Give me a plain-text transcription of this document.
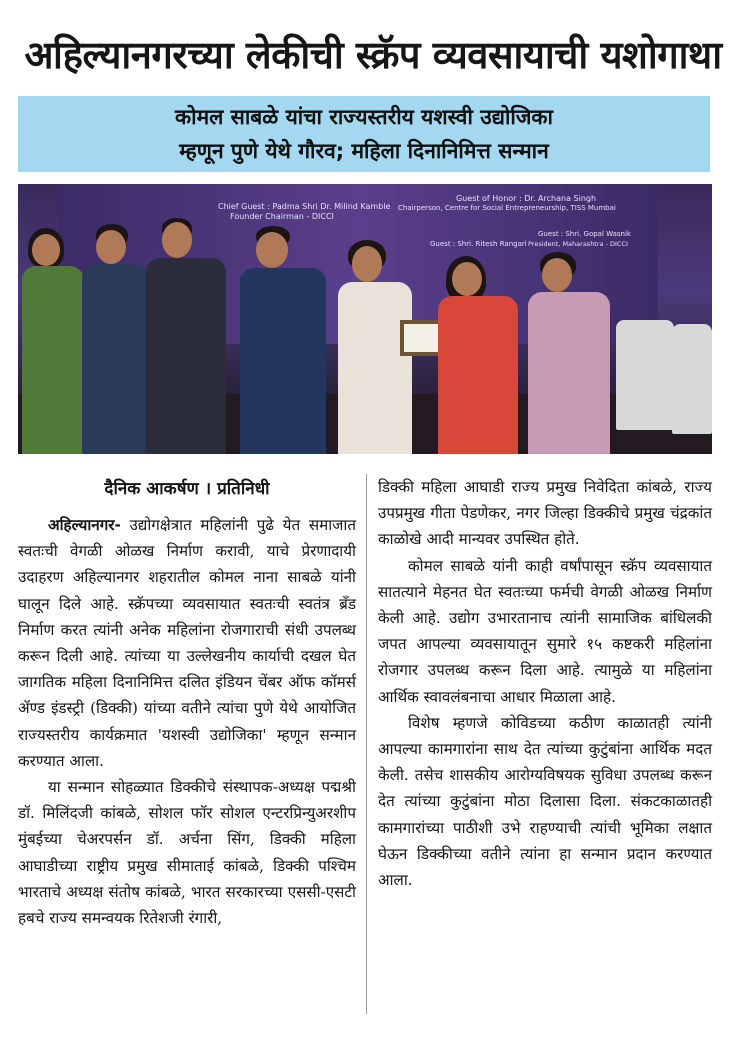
अहिल्यानगरच्या लेकीची स्क्रॅप व्यवसायाची यशोगाथा
कोमल साबळे यांचा राज्यस्तरीय यशस्वी उद्योजिका
म्हणून पुणे येथे गौरव; महिला दिनानिमित्त सन्मान
Chief Guest : Padma Shri Dr. Milind Kamble
Founder Chairman - DICCI
Guest of Honor : Dr. Archana Singh
Chairperson, Centre for Social Entrepreneurship, TISS Mumbai
Guest : Shri. Ritesh Rangari
Guest : Shri. Gopal Wasnik
President, Maharashtra - DICCI

दैनिक आकर्षण । प्रतिनिधी

अहिल्यानगर- उद्योगक्षेत्रात महिलांनी पुढे येत समाजात स्वतःची वेगळी ओळख निर्माण करावी, याचे प्रेरणादायी उदाहरण अहिल्यानगर शहरातील कोमल नाना साबळे यांनी घालून दिले आहे. स्क्रॅपच्या व्यवसायात स्वतःची स्वतंत्र ब्रँड निर्माण करत त्यांनी अनेक महिलांना रोजगाराची संधी उपलब्ध करून दिली आहे. त्यांच्या या उल्लेखनीय कार्याची दखल घेत जागतिक महिला दिनानिमित्त दलित इंडियन चेंबर ऑफ कॉमर्स ॲण्ड इंडस्ट्री (डिक्की) यांच्या वतीने त्यांचा पुणे येथे आयोजित राज्यस्तरीय कार्यक्रमात 'यशस्वी उद्योजिका' म्हणून सन्मान करण्यात आला.

या सन्मान सोहळ्यात डिक्कीचे संस्थापक-अध्यक्ष पद्मश्री डॉ. मिलिंदजी कांबळे, सोशल फॉर सोशल एन्टरप्रिन्युअरशीप मुंबईच्या चेअरपर्सन डॉ. अर्चना सिंग, डिक्की महिला आघाडीच्या राष्ट्रीय प्रमुख सीमाताई कांबळे, डिक्की पश्चिम भारताचे अध्यक्ष संतोष कांबळे, भारत सरकारच्या एससी-एसटी हबचे राज्य समन्वयक रितेशजी रंगारी,

डिक्की महिला आघाडी राज्य प्रमुख निवेदिता कांबळे, राज्य उपप्रमुख गीता पेडणेकर, नगर जिल्हा डिक्कीचे प्रमुख चंद्रकांत काळोखे आदी मान्यवर उपस्थित होते.

कोमल साबळे यांनी काही वर्षांपासून स्क्रॅप व्यवसायात सातत्याने मेहनत घेत स्वतःच्या फर्मची वेगळी ओळख निर्माण केली आहे. उद्योग उभारतानाच त्यांनी सामाजिक बांधिलकी जपत आपल्या व्यवसायातून सुमारे १५ कष्टकरी महिलांना रोजगार उपलब्ध करून दिला आहे. त्यामुळे या महिलांना आर्थिक स्वावलंबनाचा आधार मिळाला आहे.

विशेष म्हणजे कोविडच्या कठीण काळातही त्यांनी आपल्या कामगारांना साथ देत त्यांच्या कुटुंबांना आर्थिक मदत केली. तसेच शासकीय आरोग्यविषयक सुविधा उपलब्ध करून देत त्यांच्या कुटुंबांना मोठा दिलासा दिला. संकटकाळातही कामगारांच्या पाठीशी उभे राहण्याची त्यांची भूमिका लक्षात घेऊन डिक्कीच्या वतीने त्यांना हा सन्मान प्रदान करण्यात आला.
